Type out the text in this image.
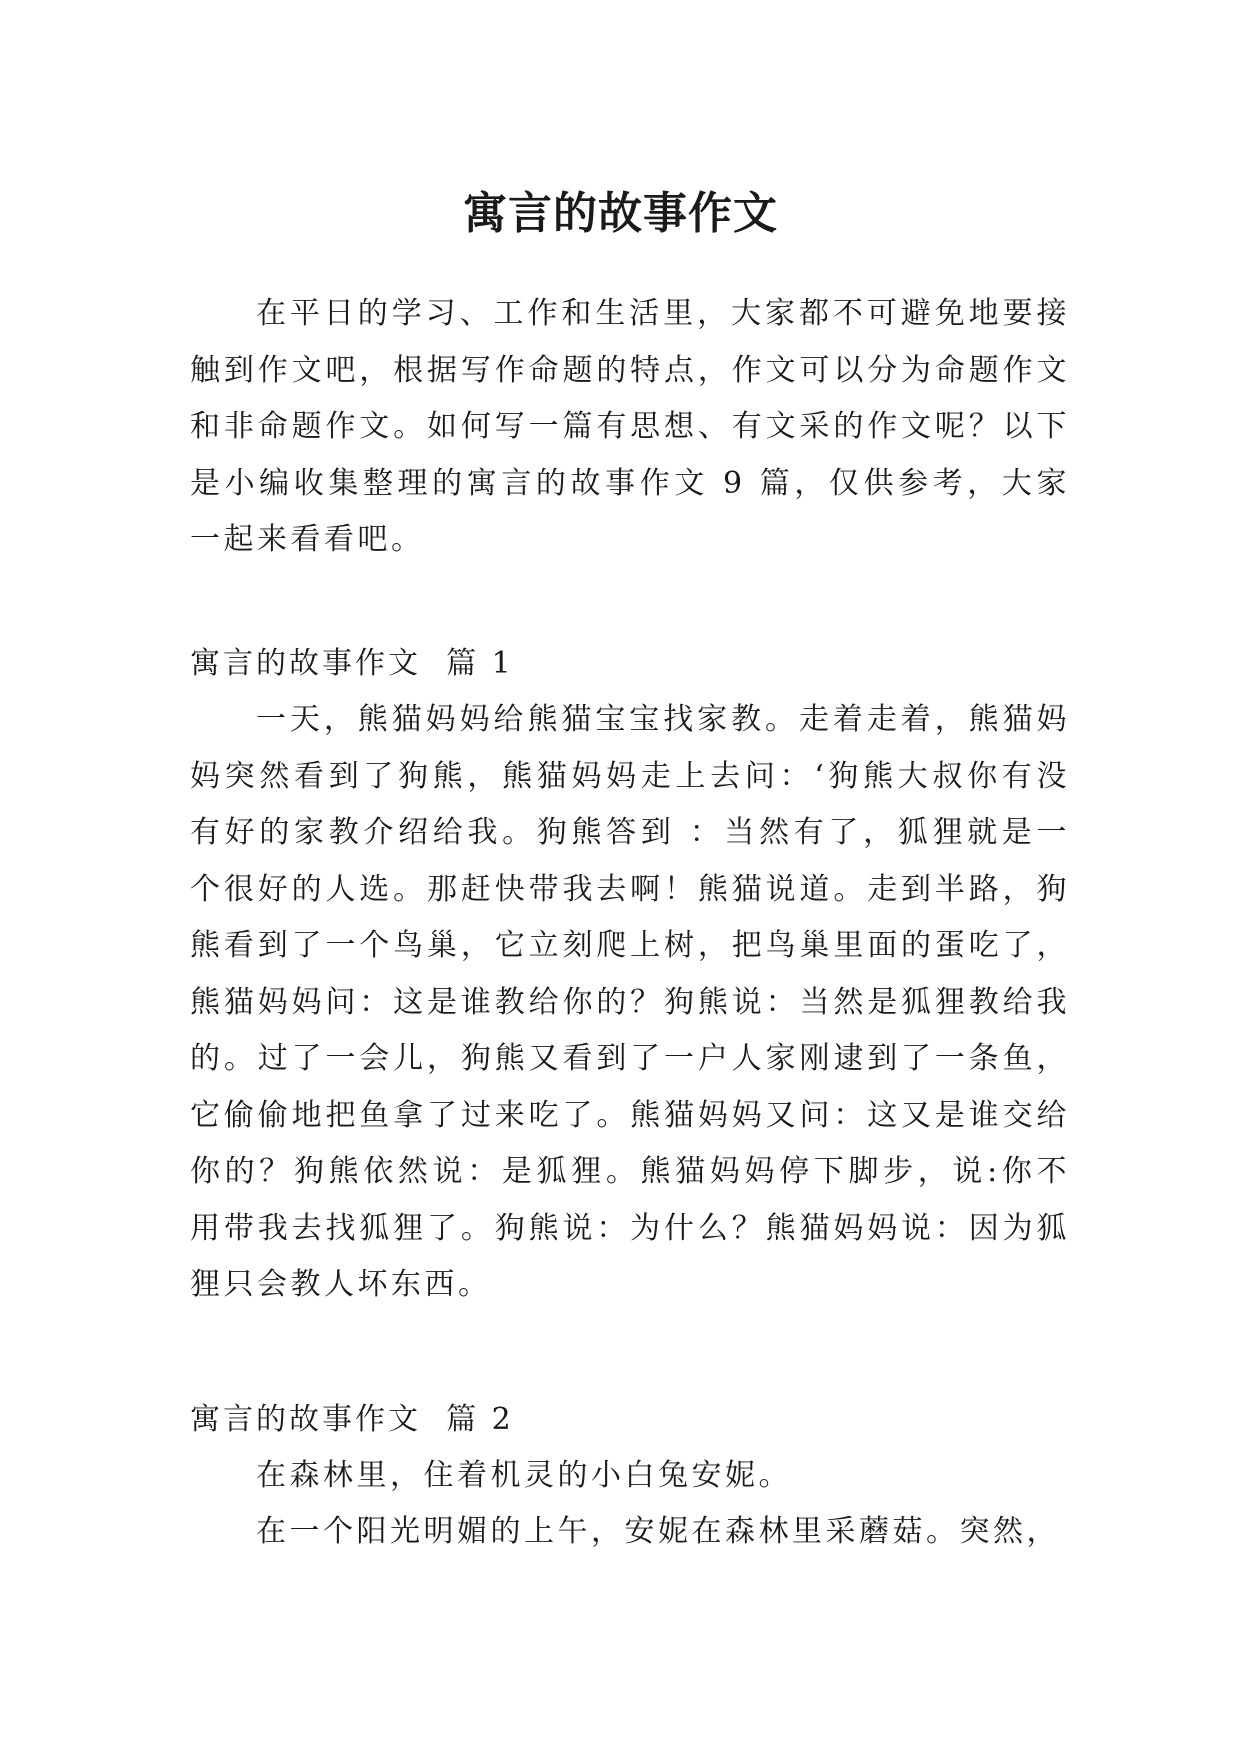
寓言的故事作文

在平日的学习、工作和生活里，大家都不可避免地要接触到作文吧，根据写作命题的特点，作文可以分为命题作文和非命题作文。如何写一篇有思想、有文采的作文呢？以下是小编收集整理的寓言的故事作文 9 篇，仅供参考，大家一起来看看吧。

寓言的故事作文  篇 1

一天，熊猫妈妈给熊猫宝宝找家教。走着走着，熊猫妈妈突然看到了狗熊，熊猫妈妈走上去问：‘狗熊大叔你有没有好的家教介绍给我。狗熊答到 ：当然有了，狐狸就是一个很好的人选。那赶快带我去啊！熊猫说道。走到半路，狗熊看到了一个鸟巢，它立刻爬上树，把鸟巢里面的蛋吃了，熊猫妈妈问：这是谁教给你的？狗熊说：当然是狐狸教给我的。过了一会儿，狗熊又看到了一户人家刚逮到了一条鱼，它偷偷地把鱼拿了过来吃了。熊猫妈妈又问：这又是谁交给你的？狗熊依然说：是狐狸。熊猫妈妈停下脚步，说:你不用带我去找狐狸了。狗熊说：为什么？熊猫妈妈说：因为狐狸只会教人坏东西。

寓言的故事作文  篇 2

在森林里，住着机灵的小白兔安妮。

在一个阳光明媚的上午，安妮在森林里采蘑菇。突然，
